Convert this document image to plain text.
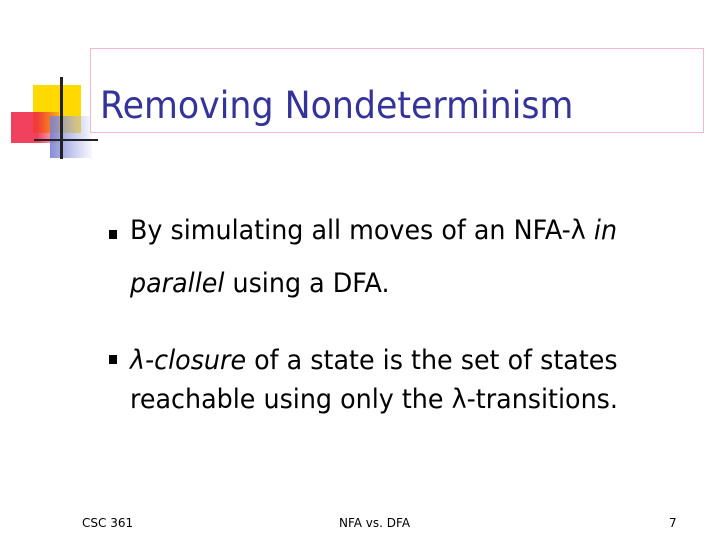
Removing Nondeterminism

By simulating all moves of an NFA-λ in

parallel using a DFA.

λ-closure of a state is the set of states

reachable using only the λ-transitions.

CSC 361	NFA vs. DFA	7
